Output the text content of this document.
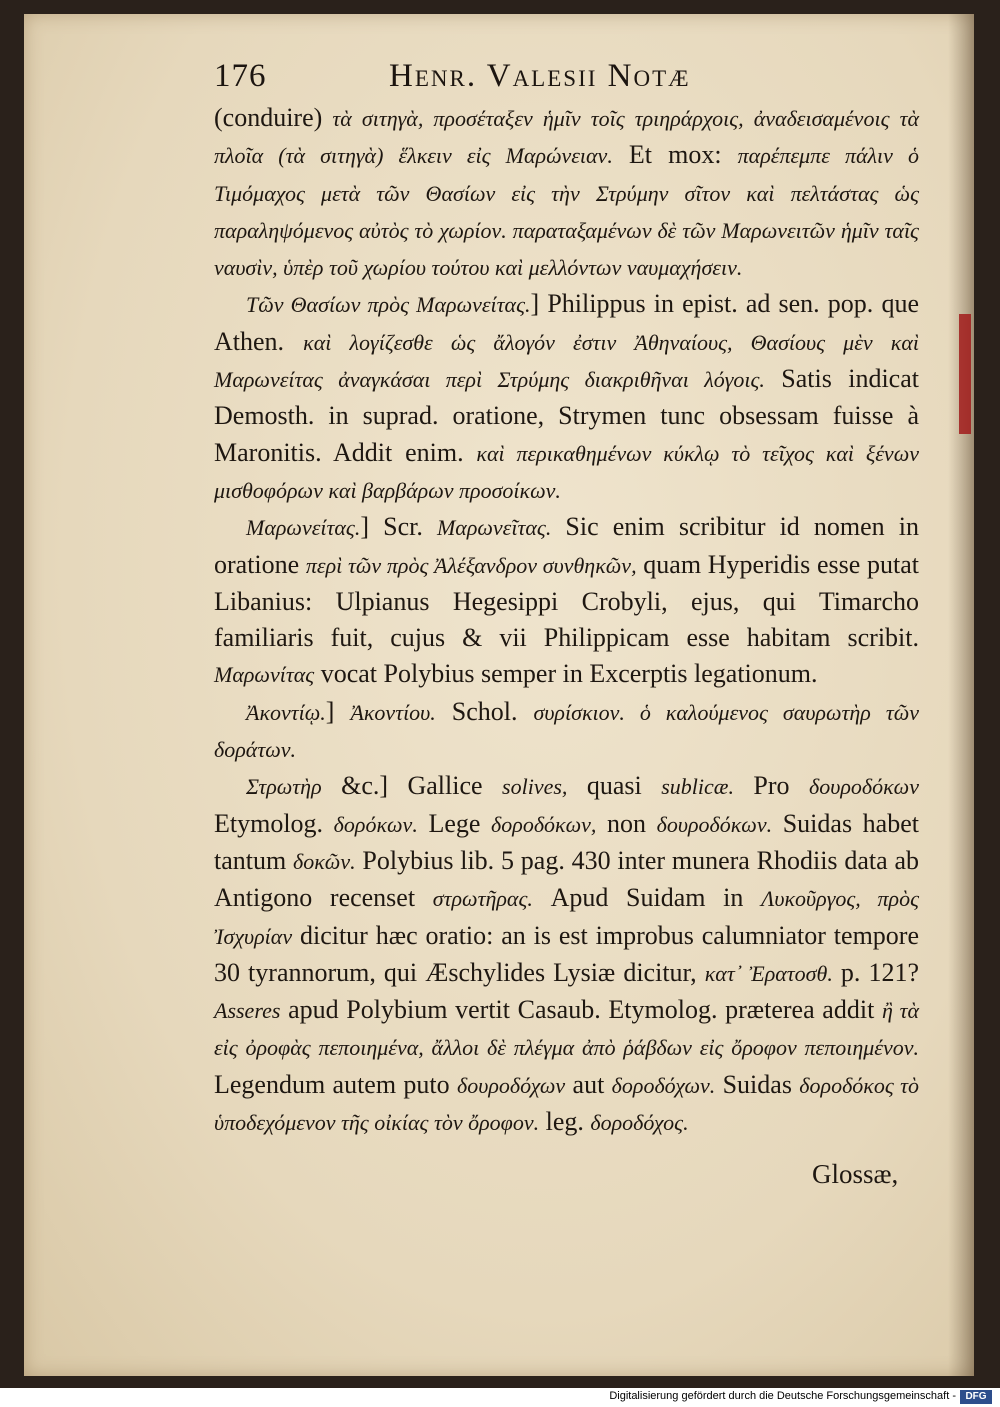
176	Henr. Valesii Notæ

(conduire) τὰ σιτηγὰ, προσέταξεν ἡμῖν τοῖς τριηράρχοις, ἀναδεισαμένοις τὰ πλοῖα (τὰ σιτηγὰ) ἕλκειν εἰς Μαρώνειαν. Et mox: παρέπεμπε πάλιν ὁ Τιμόμαχος μετὰ τῶν Θασίων εἰς τὴν Στρύμην σῖτον καὶ πελτάστας ὡς παραληψόμενος αὐτὸς τὸ χωρίον. παραταξαμένων δὲ τῶν Μαρωνειτῶν ἡμῖν ταῖς ναυσὶν, ὑπὲρ τοῦ χωρίου τούτου καὶ μελλόντων ναυμαχήσειν.

Τῶν Θασίων πρὸς Μαρωνείτας.] Philippus in epist. ad sen. pop. que Athen. καὶ λογίζεσθε ὡς ἄλογόν ἐστιν Ἀθηναίους, Θασίους μὲν καὶ Μαρωνείτας ἀναγκάσαι περὶ Στρύμης διακριθῆναι λόγοις. Satis indicat Demosth. in suprad. oratione, Strymen tunc obsessam fuisse à Maronitis. Addit enim. καὶ περικαθημένων κύκλῳ τὸ τεῖχος καὶ ξένων μισθοφόρων καὶ βαρβάρων προσοίκων.

Μαρωνείτας.] Scr. Μαρωνεῖτας. Sic enim scribitur id nomen in oratione περὶ τῶν πρὸς Ἀλέξανδρον συνθηκῶν, quam Hyperidis esse putat Libanius: Ulpianus Hegesippi Crobyli, ejus, qui Timarcho familiaris fuit, cujus & vii Philippicam esse habitam scribit. Μαρωνίτας vocat Polybius semper in Excerptis legationum.

Ἀκοντίῳ.] Ἀκοντίου. Schol. συρίσκιον. ὁ καλούμενος σαυρωτὴρ τῶν δοράτων.

Στρωτὴρ &c.] Gallice solives, quasi sublicæ. Pro δουροδόκων Etymolog. δορόκων. Lege δοροδόκων, non δουροδόκων. Suidas habet tantum δοκῶν. Polybius lib. 5 pag. 430 inter munera Rhodiis data ab Antigono recenset στρωτῆρας. Apud Suidam in Λυκοῦργος, πρὸς Ἰσχυρίαν dicitur hæc oratio: an is est improbus calumniator tempore 30 tyrannorum, qui Æschylides Lysiæ dicitur, κατ᾽ Ἐρατοσθ. p. 121? Asseres apud Polybium vertit Casaub. Etymolog. præterea addit ἢ τὰ εἰς ὀροφὰς πεποιημένα, ἄλλοι δὲ πλέγμα ἀπὸ ῥάβδων εἰς ὄροφον πεποιημένον. Legendum autem puto δουροδόχων aut δοροδόχων. Suidas δοροδόκος τὸ ὑποδεχόμενον τῆς οἰκίας τὸν ὄροφον. leg. δοροδόχος.

Glossæ,
Digitalisierung gefördert durch die Deutsche Forschungsgemeinschaft - DFG
